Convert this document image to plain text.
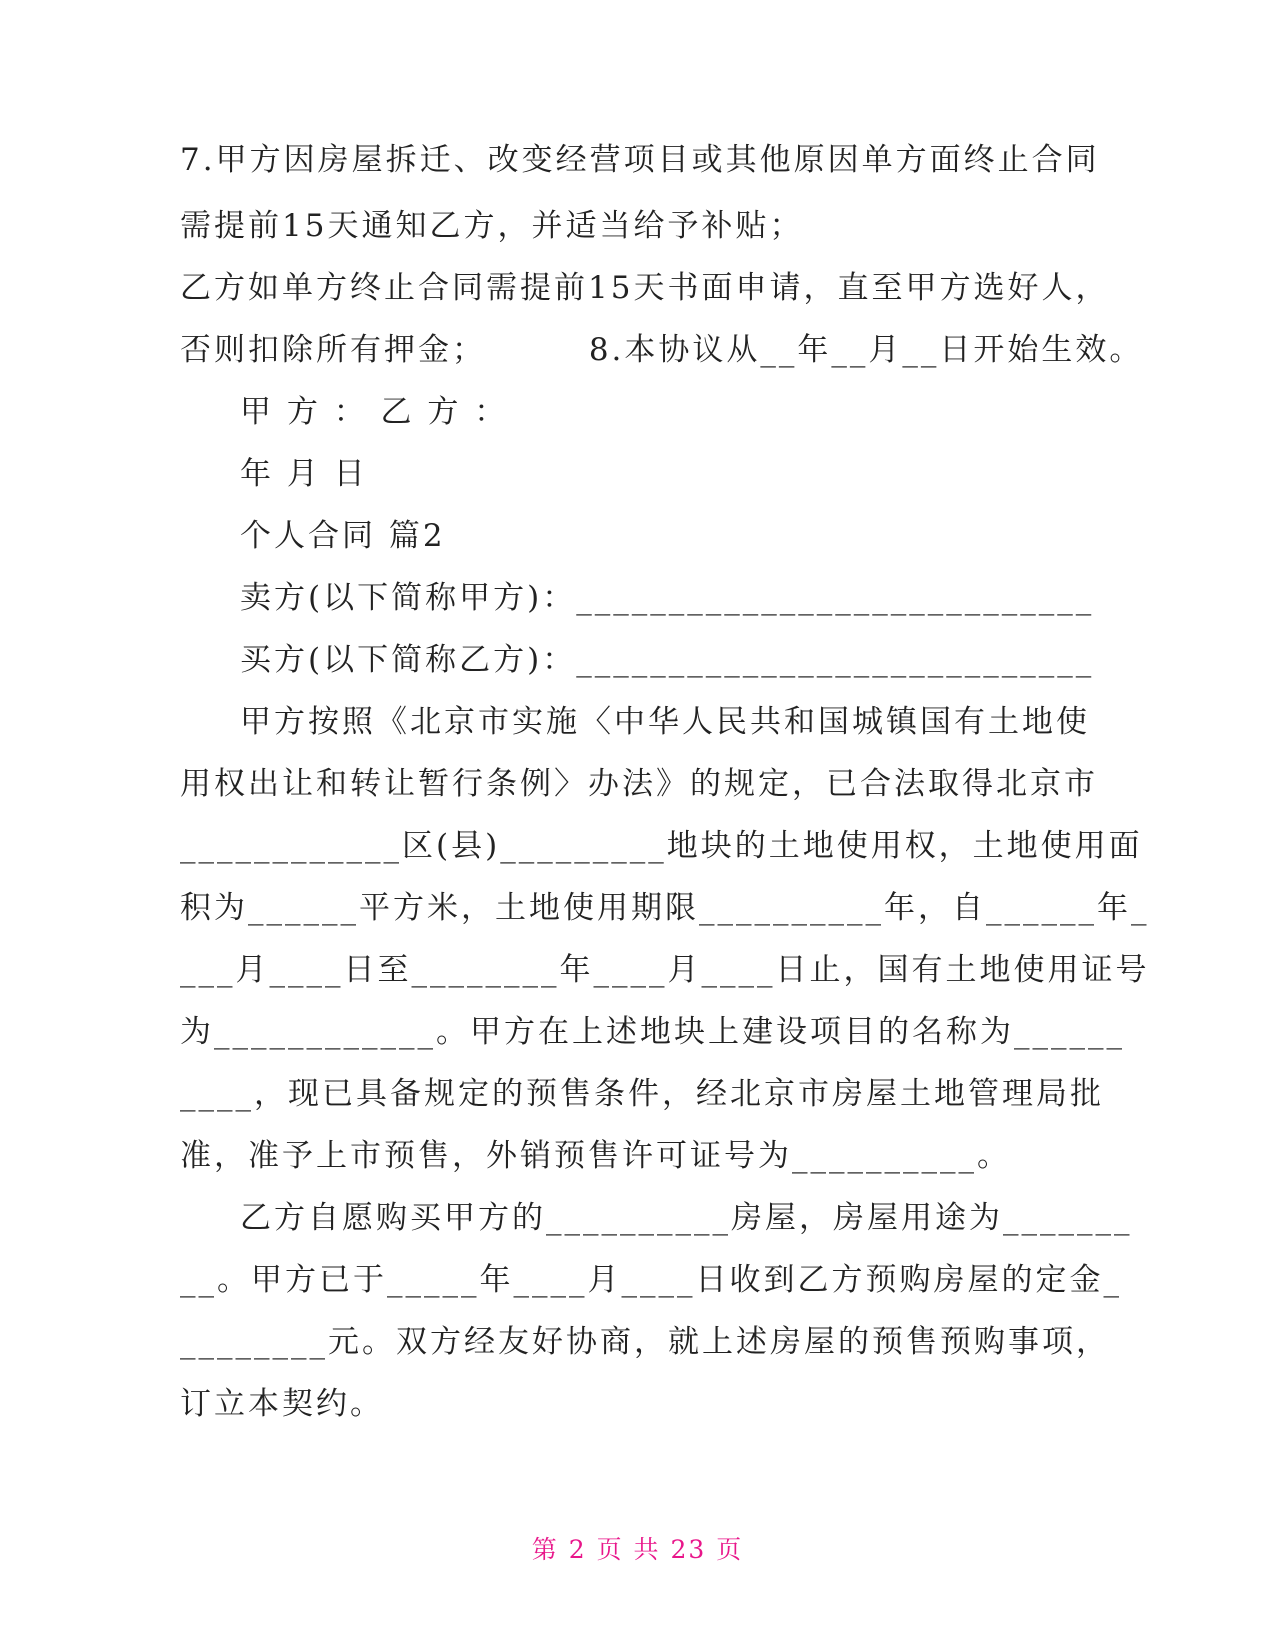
7.甲方因房屋拆迁、改变经营项目或其他原因单方面终止合同
需提前15天通知乙方，并适当给予补贴；
乙方如单方终止合同需提前15天书面申请，直至甲方选好人，
否则扣除所有押金；        8.本协议从__年__月__日开始生效。
甲 方 ： 乙 方 ：
年 月 日
个人合同 篇2
卖方(以下简称甲方)：____________________________
买方(以下简称乙方)：____________________________
甲方按照《北京市实施〈中华人民共和国城镇国有土地使
用权出让和转让暂行条例〉办法》的规定，已合法取得北京市
____________区(县)_________地块的土地使用权，土地使用面
积为______平方米，土地使用期限__________年，自______年_
___月____日至________年____月____日止，国有土地使用证号
为____________。甲方在上述地块上建设项目的名称为______
____，现已具备规定的预售条件，经北京市房屋土地管理局批
准，准予上市预售，外销预售许可证号为__________。
乙方自愿购买甲方的__________房屋，房屋用途为_______
__。甲方已于_____年____月____日收到乙方预购房屋的定金_
________元。双方经友好协商，就上述房屋的预售预购事项，
订立本契约。
第 2 页 共 23 页
